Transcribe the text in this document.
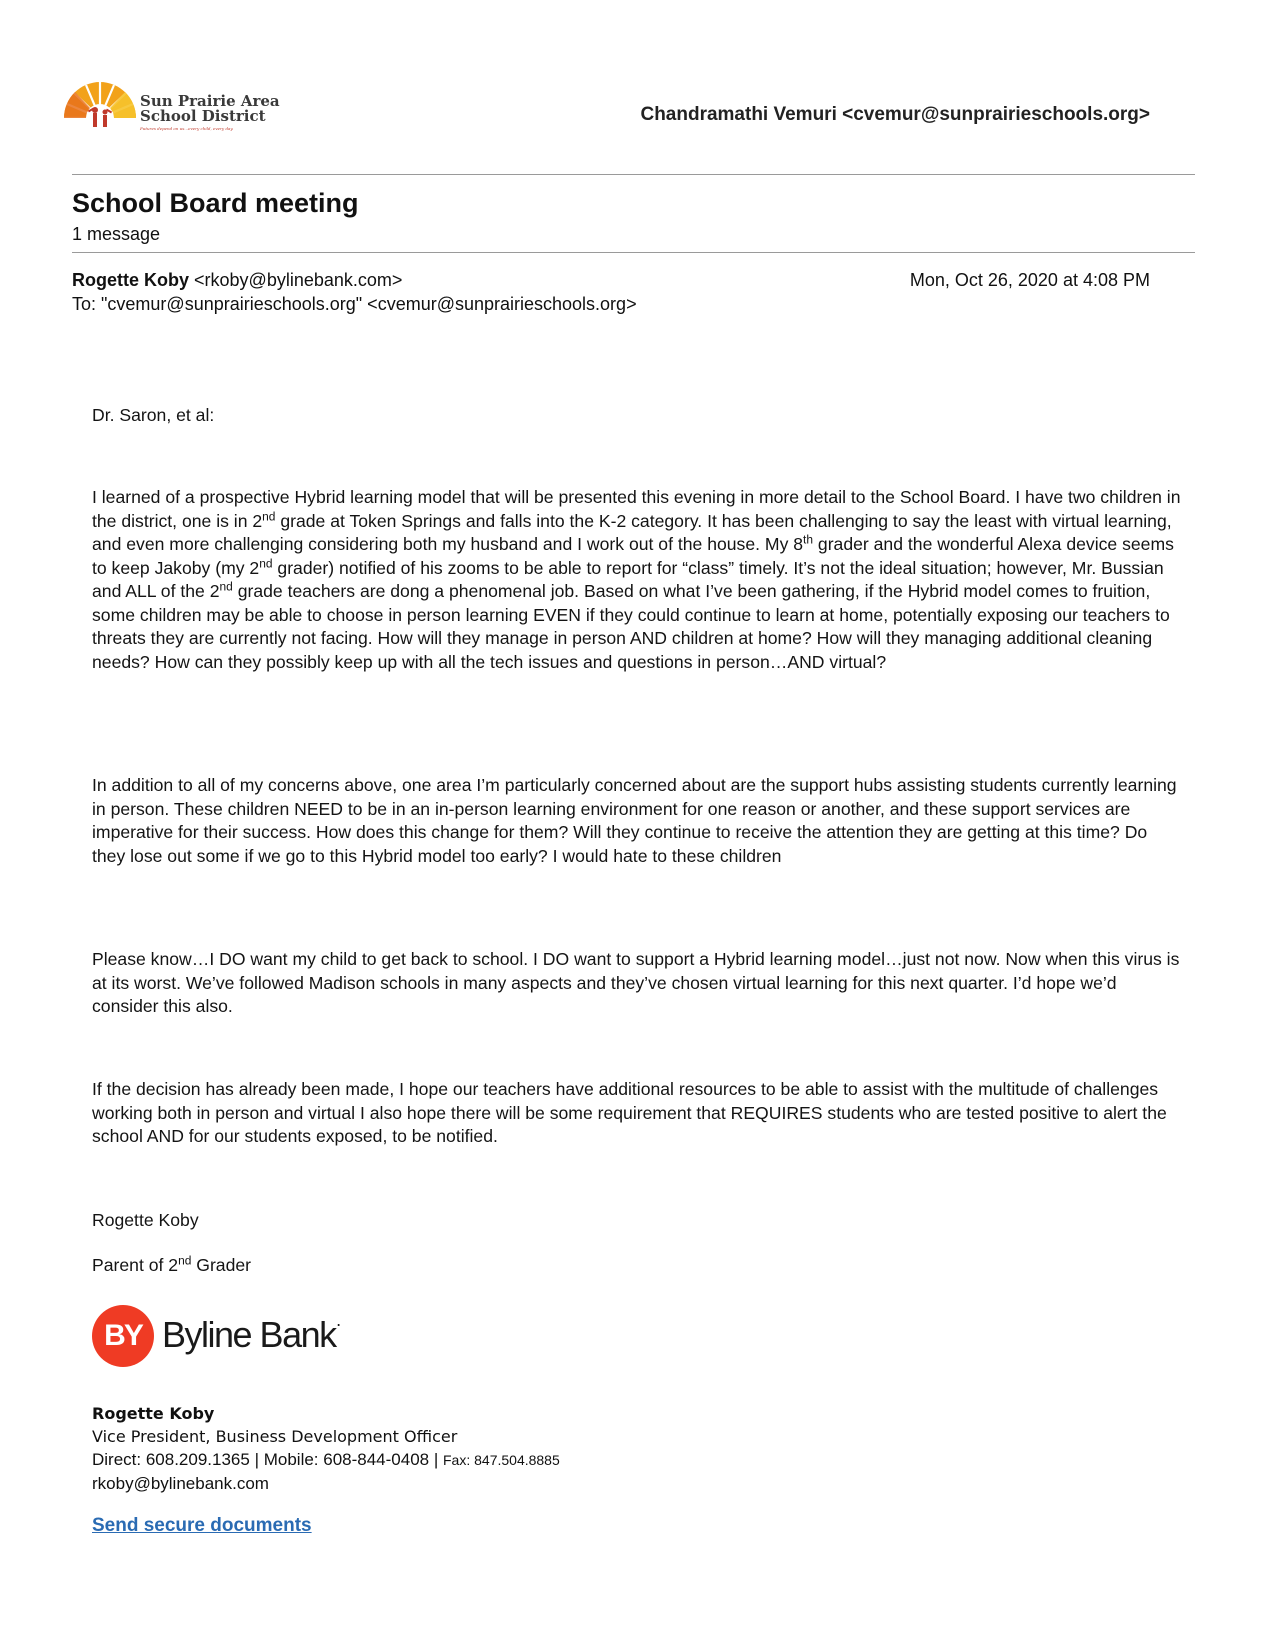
Sun Prairie Area
School District
Futures depend on us...every child, every day.
Chandramathi Vemuri <cvemur@sunprairieschools.org>
School Board meeting
1 message
Rogette Koby <rkoby@bylinebank.com>
To: "cvemur@sunprairieschools.org" <cvemur@sunprairieschools.org>
Mon, Oct 26, 2020 at 4:08 PM

Dr. Saron, et al:

I learned of a prospective Hybrid learning model that will be presented this evening in more detail to the School Board. I have two children in the district, one is in 2nd grade at Token Springs and falls into the K-2 category. It has been challenging to say the least with virtual learning, and even more challenging considering both my husband and I work out of the house. My 8th grader and the wonderful Alexa device seems to keep Jakoby (my 2nd grader) notified of his zooms to be able to report for “class” timely. It’s not the ideal situation; however, Mr. Bussian and ALL of the 2nd grade teachers are dong a phenomenal job. Based on what I’ve been gathering, if the Hybrid model comes to fruition, some children may be able to choose in person learning EVEN if they could continue to learn at home, potentially exposing our teachers to threats they are currently not facing. How will they manage in person AND children at home? How will they managing additional cleaning needs? How can they possibly keep up with all the tech issues and questions in person…AND virtual?

In addition to all of my concerns above, one area I’m particularly concerned about are the support hubs assisting students currently learning in person. These children NEED to be in an in-person learning environment for one reason or another, and these support services are imperative for their success. How does this change for them? Will they continue to receive the attention they are getting at this time? Do they lose out some if we go to this Hybrid model too early? I would hate to these children

Please know…I DO want my child to get back to school. I DO want to support a Hybrid learning model…just not now. Now when this virus is at its worst. We’ve followed Madison schools in many aspects and they’ve chosen virtual learning for this next quarter. I’d hope we’d consider this also.

If the decision has already been made, I hope our teachers have additional resources to be able to assist with the multitude of challenges working both in person and virtual I also hope there will be some requirement that REQUIRES students who are tested positive to alert the school AND for our students exposed, to be notified.

Rogette Koby

Parent of 2nd Grader

BY Byline Bank·
Rogette Koby
Vice President, Business Development Officer
Direct: 608.209.1365 | Mobile: 608-844-0408 | Fax: 847.504.8885
rkoby@bylinebank.com
Send secure documents
